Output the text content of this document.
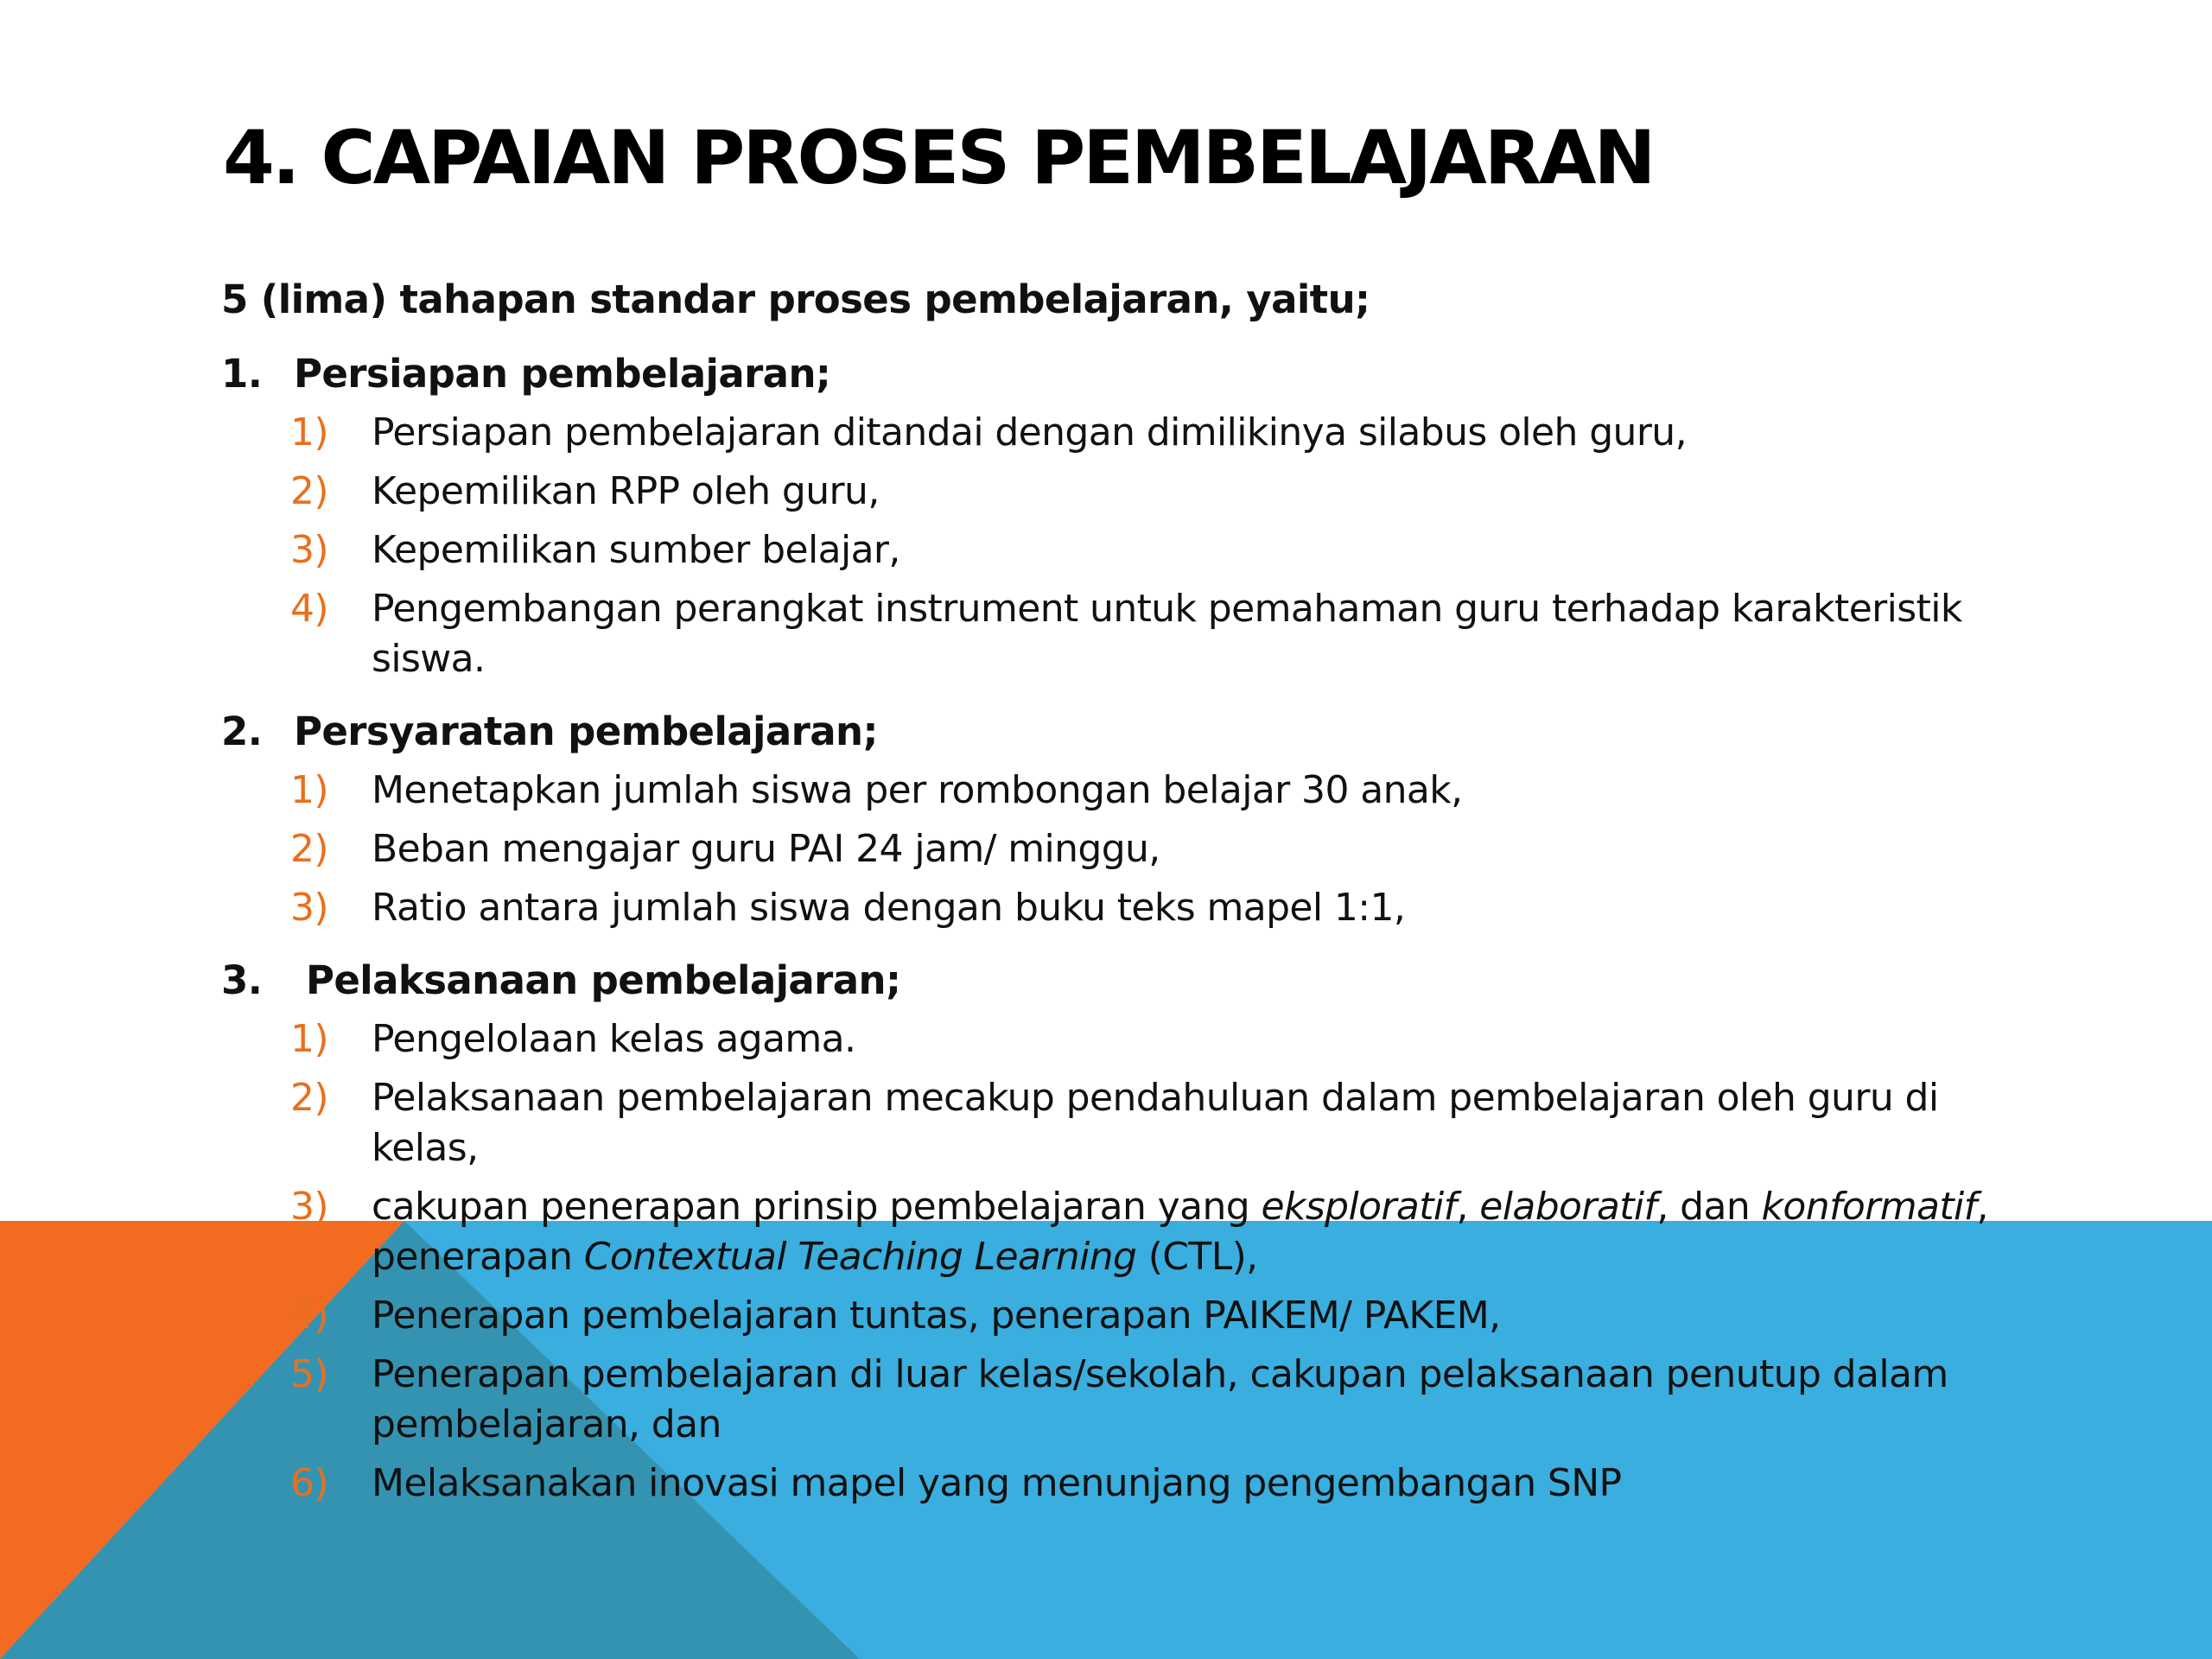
4. CAPAIAN PROSES PEMBELAJARAN

5 (lima) tahapan standar proses pembelajaran, yaitu;

1. Persiapan pembelajaran;
1)	Persiapan pembelajaran ditandai dengan dimilikinya silabus oleh guru,
2)	Kepemilikan RPP oleh guru,
3)	Kepemilikan sumber belajar,
4)	Pengembangan perangkat instrument untuk pemahaman guru terhadap karakteristik siswa.
2. Persyaratan pembelajaran;
1)	Menetapkan jumlah siswa per rombongan belajar 30 anak,
2)	Beban mengajar guru PAI 24 jam/ minggu,
3)	Ratio antara jumlah siswa dengan buku teks mapel 1:1,
3.	Pelaksanaan pembelajaran;
1)	Pengelolaan kelas agama.
2)	Pelaksanaan pembelajaran mecakup pendahuluan dalam pembelajaran oleh guru di kelas,
3)	cakupan penerapan prinsip pembelajaran yang eksploratif, elaboratif, dan konformatif, penerapan Contextual Teaching Learning (CTL),
4)	Penerapan pembelajaran tuntas, penerapan PAIKEM/ PAKEM,
5)	Penerapan pembelajaran di luar kelas/sekolah, cakupan pelaksanaan penutup dalam pembelajaran, dan
6)	Melaksanakan inovasi mapel yang menunjang pengembangan SNP
